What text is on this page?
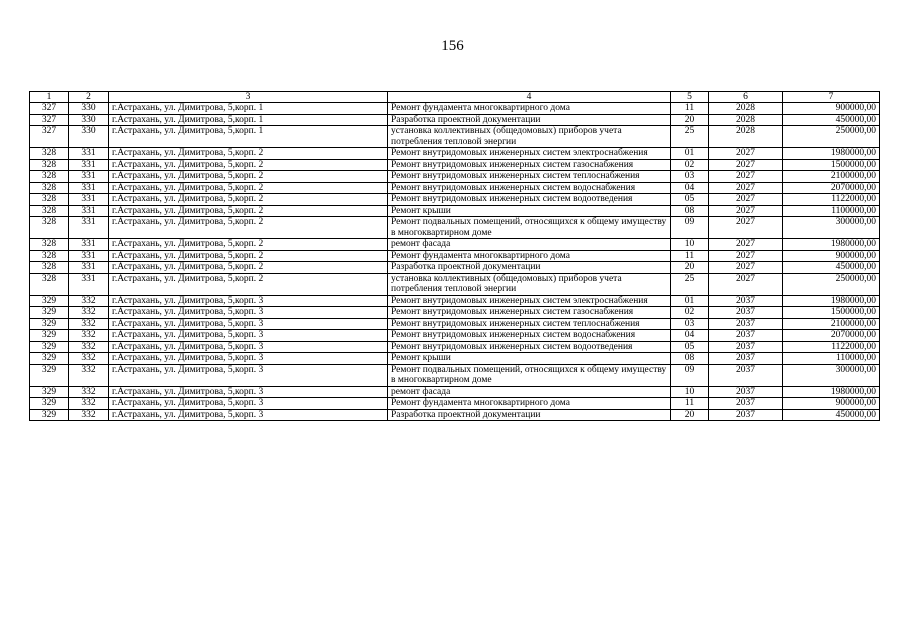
156
1	2	3	4	5	6	7
327	330	г.Астрахань, ул. Димитрова, 5,корп. 1	Ремонт фундамента многоквартирного дома	11	2028	900000,00
327	330	г.Астрахань, ул. Димитрова, 5,корп. 1	Разработка проектной документации	20	2028	450000,00
327	330	г.Астрахань, ул. Димитрова, 5,корп. 1	установка коллективных (общедомовых) приборов учета потребления тепловой энергии	25	2028	250000,00
328	331	г.Астрахань, ул. Димитрова, 5,корп. 2	Ремонт внутридомовых инженерных систем электроснабжения	01	2027	1980000,00
328	331	г.Астрахань, ул. Димитрова, 5,корп. 2	Ремонт внутридомовых инженерных систем газоснабжения	02	2027	1500000,00
328	331	г.Астрахань, ул. Димитрова, 5,корп. 2	Ремонт внутридомовых инженерных систем теплоснабжения	03	2027	2100000,00
328	331	г.Астрахань, ул. Димитрова, 5,корп. 2	Ремонт внутридомовых инженерных систем водоснабжения	04	2027	2070000,00
328	331	г.Астрахань, ул. Димитрова, 5,корп. 2	Ремонт внутридомовых инженерных систем водоотведения	05	2027	1122000,00
328	331	г.Астрахань, ул. Димитрова, 5,корп. 2	Ремонт крыши	08	2027	1100000,00
328	331	г.Астрахань, ул. Димитрова, 5,корп. 2	Ремонт подвальных помещений, относящихся к общему имуществу в многоквартирном доме	09	2027	300000,00
328	331	г.Астрахань, ул. Димитрова, 5,корп. 2	ремонт фасада	10	2027	1980000,00
328	331	г.Астрахань, ул. Димитрова, 5,корп. 2	Ремонт фундамента многоквартирного дома	11	2027	900000,00
328	331	г.Астрахань, ул. Димитрова, 5,корп. 2	Разработка проектной документации	20	2027	450000,00
328	331	г.Астрахань, ул. Димитрова, 5,корп. 2	установка коллективных (общедомовых) приборов учета потребления тепловой энергии	25	2027	250000,00
329	332	г.Астрахань, ул. Димитрова, 5,корп. 3	Ремонт внутридомовых инженерных систем электроснабжения	01	2037	1980000,00
329	332	г.Астрахань, ул. Димитрова, 5,корп. 3	Ремонт внутридомовых инженерных систем газоснабжения	02	2037	1500000,00
329	332	г.Астрахань, ул. Димитрова, 5,корп. 3	Ремонт внутридомовых инженерных систем теплоснабжения	03	2037	2100000,00
329	332	г.Астрахань, ул. Димитрова, 5,корп. 3	Ремонт внутридомовых инженерных систем водоснабжения	04	2037	2070000,00
329	332	г.Астрахань, ул. Димитрова, 5,корп. 3	Ремонт внутридомовых инженерных систем водоотведения	05	2037	1122000,00
329	332	г.Астрахань, ул. Димитрова, 5,корп. 3	Ремонт крыши	08	2037	110000,00
329	332	г.Астрахань, ул. Димитрова, 5,корп. 3	Ремонт подвальных помещений, относящихся к общему имуществу в многоквартирном доме	09	2037	300000,00
329	332	г.Астрахань, ул. Димитрова, 5,корп. 3	ремонт фасада	10	2037	1980000,00
329	332	г.Астрахань, ул. Димитрова, 5,корп. 3	Ремонт фундамента многоквартирного дома	11	2037	900000,00
329	332	г.Астрахань, ул. Димитрова, 5,корп. 3	Разработка проектной документации	20	2037	450000,00
